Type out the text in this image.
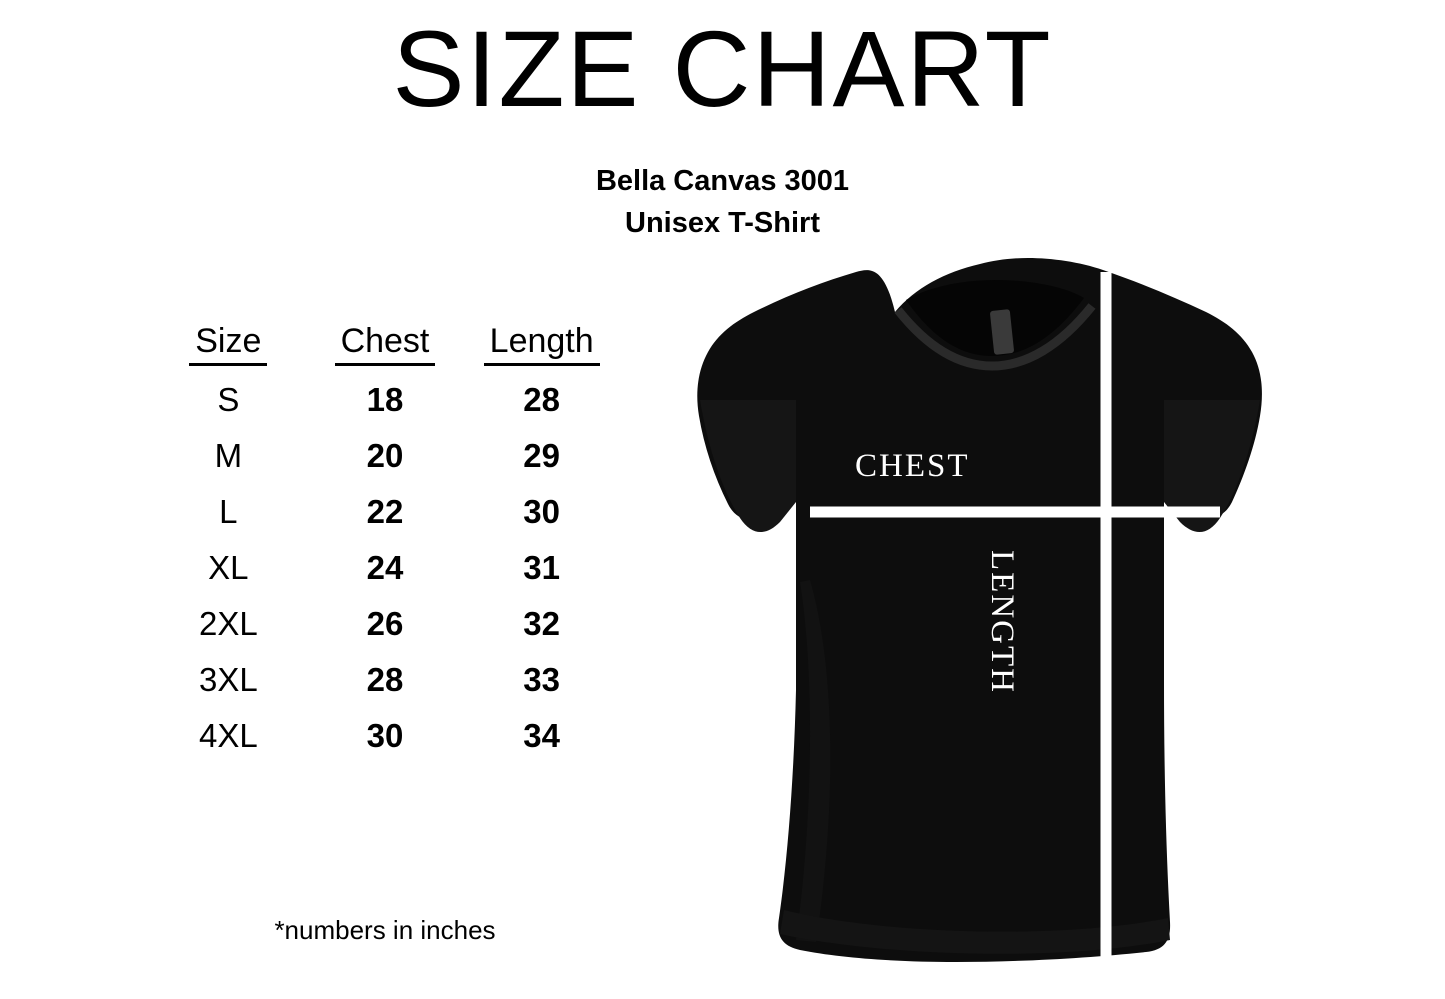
SIZE CHART
Bella Canvas 3001
Unisex T-Shirt
Size	Chest	Length
S	18	28
M	20	29
L	22	30
XL	24	31
2XL	26	32
3XL	28	33
4XL	30	34
*numbers in inches
CHEST
LENGTH
